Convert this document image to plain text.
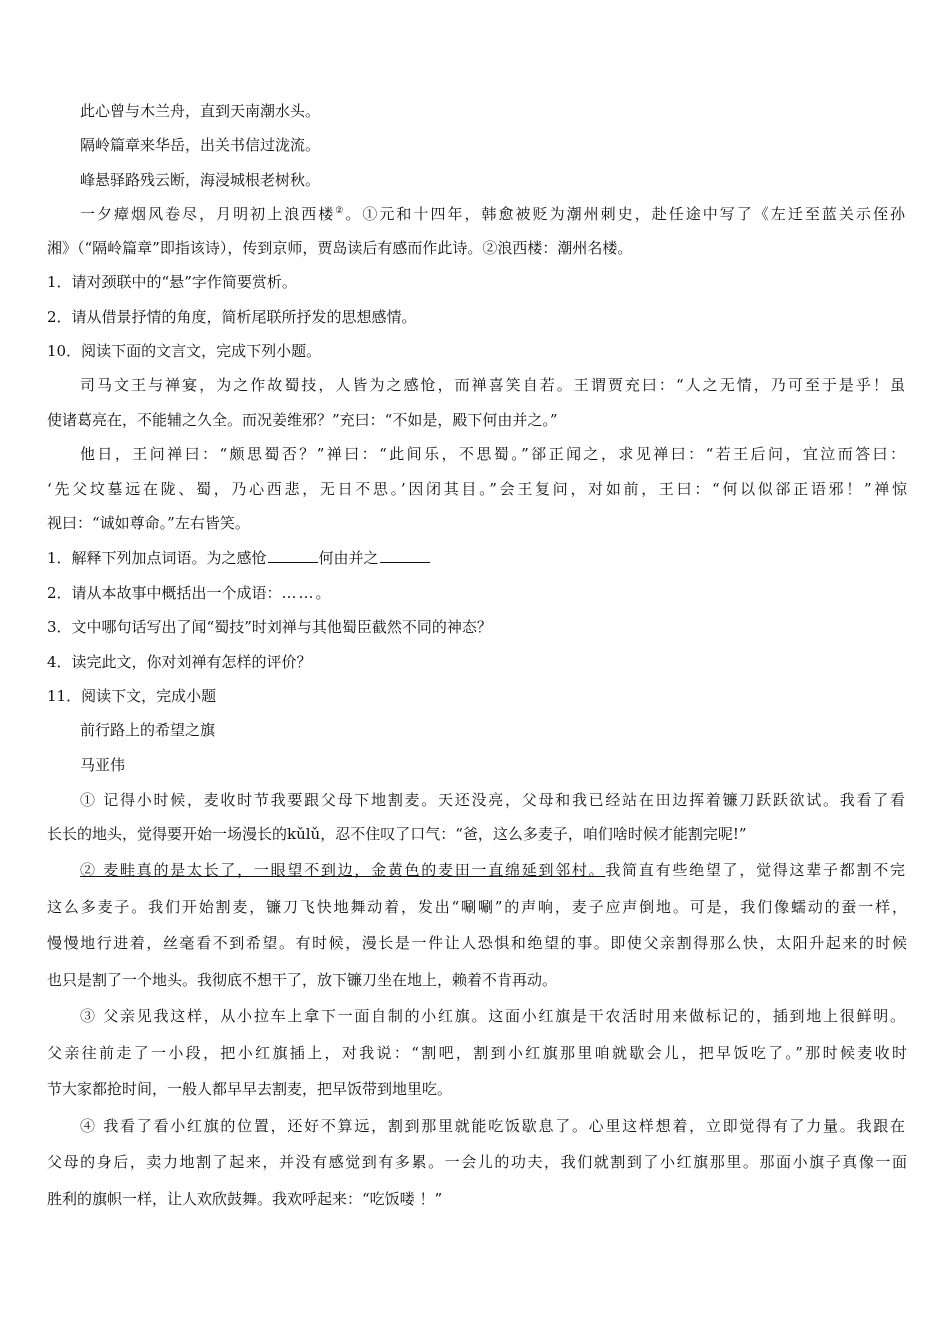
此心曾与木兰舟，直到天南潮水头。
隔岭篇章来华岳，出关书信过泷流。
峰悬驿路残云断，海浸城根老树秋。
一夕瘴烟风卷尽，月明初上浪西楼②。①元和十四年，韩愈被贬为潮州刺史，赴任途中写了《左迁至蓝关示侄孙
湘》（“隔岭篇章”即指该诗），传到京师，贾岛读后有感而作此诗。②浪西楼：潮州名楼。
1．请对颈联中的“悬”字作简要赏析。
2．请从借景抒情的角度，简析尾联所抒发的思想感情。
10．阅读下面的文言文，完成下列小题。
司马文王与禅宴，为之作故蜀技，人皆为之感怆，而禅喜笑自若。王谓贾充曰：“人之无情，乃可至于是乎！虽
使诸葛亮在，不能辅之久全。而况姜维邪？”充曰：“不如是，殿下何由并之。”
他日，王问禅曰：“颇思蜀否？”禅曰：“此间乐，不思蜀。”郤正闻之，求见禅曰：“若王后问，宜泣而答曰：
‘先父坟墓远在陇、蜀，乃心西悲，无日不思。’因闭其目。”会王复问，对如前，王曰：“何以似郤正语邪！”禅惊
视曰：“诚如尊命。”左右皆笑。
1．解释下列加点词语。为之感怆	何由并之
2．请从本故事中概括出一个成语：……。
3．文中哪句话写出了闻“蜀技”时刘禅与其他蜀臣截然不同的神态？
4．读完此文，你对刘禅有怎样的评价？
11．阅读下文，完成小题
前行路上的希望之旗
马亚伟
① 记得小时候，麦收时节我要跟父母下地割麦。天还没亮，父母和我已经站在田边挥着镰刀跃跃欲试。我看了看
长长的地头，觉得要开始一场漫长的kǔlǔ，忍不住叹了口气：“爸，这么多麦子，咱们啥时候才能割完呢!”
② 麦畦真的是太长了，一眼望不到边，金黄色的麦田一直绵延到邻村。我简直有些绝望了，觉得这辈子都割不完
这么多麦子。我们开始割麦，镰刀飞快地舞动着，发出“唰唰”的声响，麦子应声倒地。可是，我们像蠕动的蚕一样，
慢慢地行进着，丝毫看不到希望。有时候，漫长是一件让人恐惧和绝望的事。即使父亲割得那么快，太阳升起来的时候
也只是割了一个地头。我彻底不想干了，放下镰刀坐在地上，赖着不肯再动。
③ 父亲见我这样，从小拉车上拿下一面自制的小红旗。这面小红旗是干农活时用来做标记的，插到地上很鲜明。
父亲往前走了一小段，把小红旗插上，对我说：“割吧，割到小红旗那里咱就歇会儿，把早饭吃了。”那时候麦收时
节大家都抢时间，一般人都早早去割麦，把早饭带到地里吃。
④ 我看了看小红旗的位置，还好不算远，割到那里就能吃饭歇息了。心里这样想着，立即觉得有了力量。我跟在
父母的身后，卖力地割了起来，并没有感觉到有多累。一会儿的功夫，我们就割到了小红旗那里。那面小旗子真像一面
胜利的旗帜一样，让人欢欣鼓舞。我欢呼起来：“吃饭喽 ！”
